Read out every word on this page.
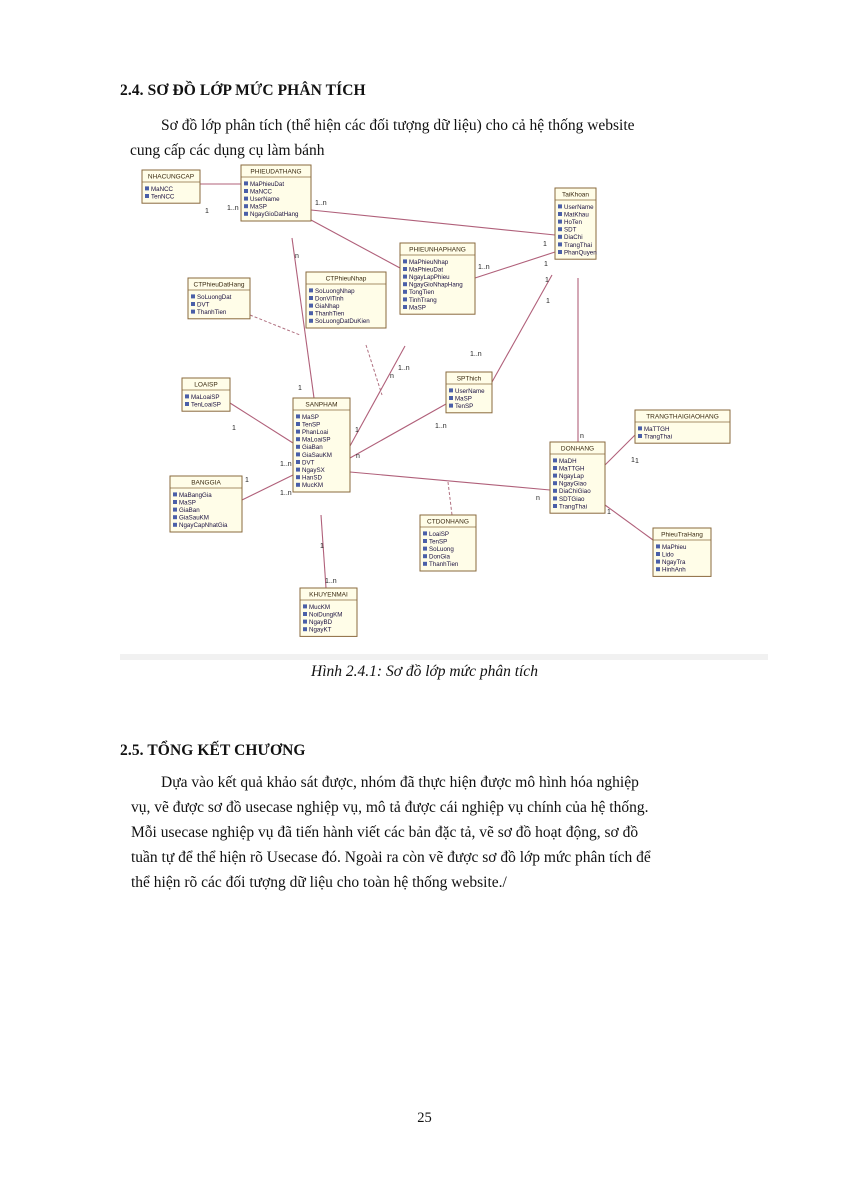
2.4. SƠ ĐỒ LỚP MỨC PHÂN TÍCH
Sơ đồ lớp phân tích (thể hiện các đối tượng dữ liệu) cho cả hệ thống website
cung cấp các dụng cụ làm bánh
NHACUNGCAP
MaNCC
TenNCC
PHIEUDATHANG
MaPhieuDat
MaNCC
UserName
MaSP
NgayGioDatHang
TaiKhoan
UserName
MatKhau
HoTen
SDT
DiaChi
TrangThai
PhanQuyen
PHIEUNHAPHANG
MaPhieuNhap
MaPhieuDat
NgayLapPhieu
NgayGioNhapHang
TongTien
TinhTrang
MaSP
CTPhieuDatHang
SoLuongDat
DVT
ThanhTien
CTPhieuNhap
SoLuongNhap
DonViTinh
GiaNhap
ThanhTien
SoLuongDatDuKien
LOAISP
MaLoaiSP
TenLoaiSP	SANPHAM
MaSP
TenSP
PhanLoai
MaLoaiSP
GiaBan
GiaSauKM
DVT
NgaySX
HanSD
MucKM
SPThich
UserName
MaSP
TenSP
BANGGIA
MaBangGia
MaSP
GiaBan
GiaSauKM
NgayCapNhatGia
TRANGTHAIGIAOHANG
MaTTGH
TrangThai
DONHANG
MaDH
MaTTGH
NgayLap
NgayGiao
DiaChiGiao
SDTGiao
TrangThai
CTDONHANG
LoaiSP
TenSP
SoLuong
DonGia
ThanhTien
PhieuTraHang
MaPhieu
Lido
NgayTra
HinhAnh
KHUYENMAI
MucKM
NoiDungKM
NgayBD
NgayKT
1	1..n
1..n
1
n
1..n	1
1
1
n
1..n
1
1..n
1
n
1..n
1
1..n
n
1
1..n
1
n
1
1
1..n
1
Hình 2.4.1: Sơ đồ lớp mức phân tích
2.5. TỔNG KẾT CHƯƠNG
Dựa vào kết quả khảo sát được, nhóm đã thực hiện được mô hình hóa nghiệp
vụ, vẽ được sơ đồ usecase nghiệp vụ, mô tả được cái nghiệp vụ chính của hệ thống.
Mỗi usecase nghiệp vụ đã tiến hành viết các bản đặc tả, vẽ sơ đồ hoạt động, sơ đồ
tuần tự để thể hiện rõ Usecase đó. Ngoài ra còn vẽ được sơ đồ lớp mức phân tích để
thể hiện rõ các đối tượng dữ liệu cho toàn hệ thống website./
25
